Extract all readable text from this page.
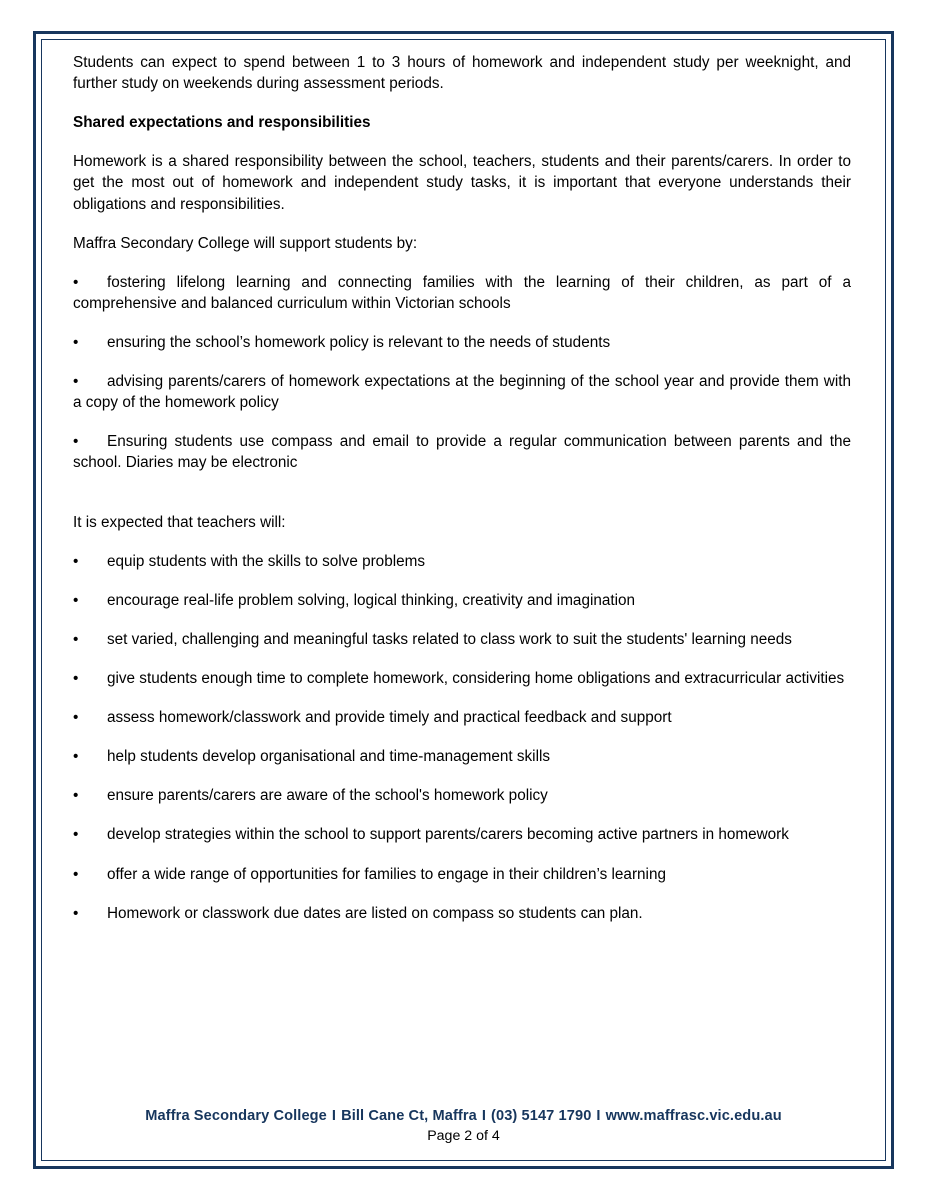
Students can expect to spend between 1 to 3 hours of homework and independent study per weeknight, and further study on weekends during assessment periods.

Shared expectations and responsibilities

Homework is a shared responsibility between the school, teachers, students and their parents/carers. In order to get the most out of homework and independent study tasks, it is important that everyone understands their obligations and responsibilities.

Maffra Secondary College will support students by:

• fostering lifelong learning and connecting families with the learning of their children, as part of a comprehensive and balanced curriculum within Victorian schools
• ensuring the school’s homework policy is relevant to the needs of students
• advising parents/carers of homework expectations at the beginning of the school year and provide them with a copy of the homework policy
• Ensuring students use compass and email to provide a regular communication between parents and the school. Diaries may be electronic

It is expected that teachers will:

• equip students with the skills to solve problems
• encourage real-life problem solving, logical thinking, creativity and imagination
• set varied, challenging and meaningful tasks related to class work to suit the students' learning needs
• give students enough time to complete homework, considering home obligations and extracurricular activities
• assess homework/classwork and provide timely and practical feedback and support
• help students develop organisational and time-management skills
• ensure parents/carers are aware of the school's homework policy
• develop strategies within the school to support parents/carers becoming active partners in homework
• offer a wide range of opportunities for families to engage in their children’s learning
• Homework or classwork due dates are listed on compass so students can plan.
Maffra Secondary College I Bill Cane Ct, Maffra I (03) 5147 1790 I www.maffrasc.vic.edu.au
Page 2 of 4
